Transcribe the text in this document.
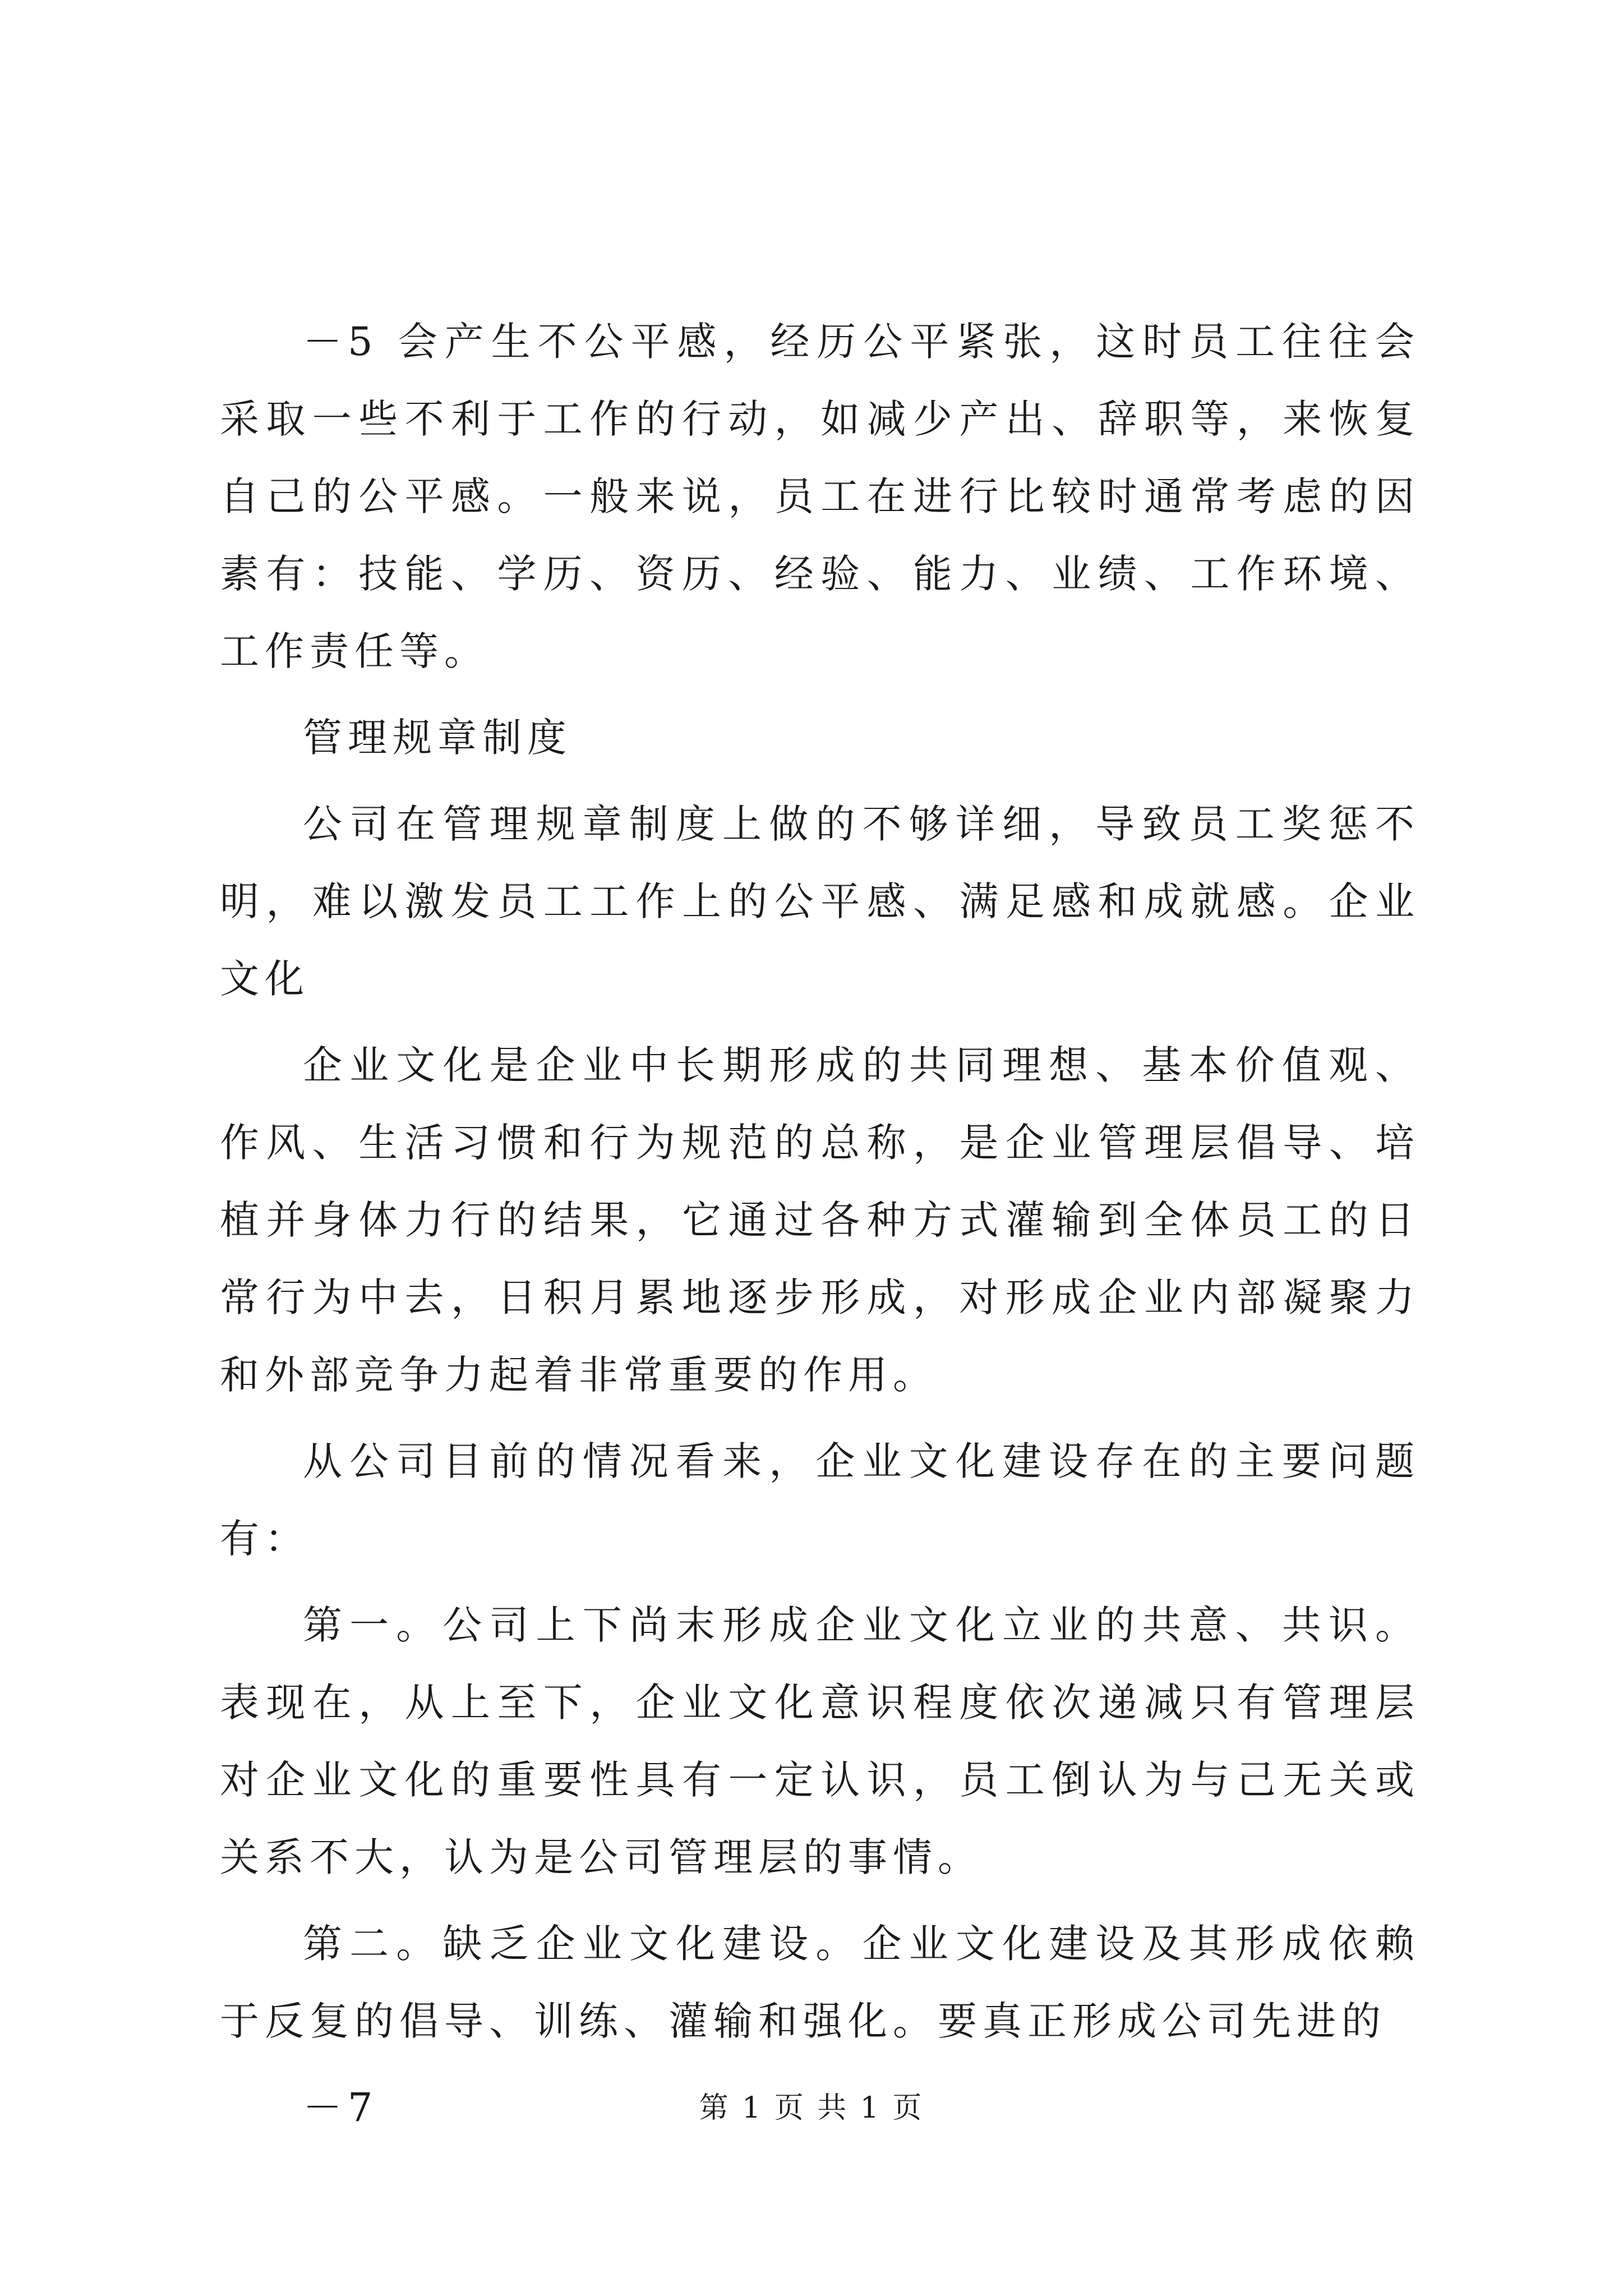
－5 会产生不公平感，经历公平紧张，这时员工往往会采取一些不利于工作的行动，如减少产出、辞职等，来恢复自己的公平感。一般来说，员工在进行比较时通常考虑的因素有：技能、学历、资历、经验、能力、业绩、工作环境、工作责任等。

管理规章制度

公司在管理规章制度上做的不够详细，导致员工奖惩不明，难以激发员工工作上的公平感、满足感和成就感。企业文化

企业文化是企业中长期形成的共同理想、基本价值观、作风、生活习惯和行为规范的总称，是企业管理层倡导、培植并身体力行的结果，它通过各种方式灌输到全体员工的日常行为中去，日积月累地逐步形成，对形成企业内部凝聚力和外部竞争力起着非常重要的作用。

从公司目前的情况看来，企业文化建设存在的主要问题有：

第一。公司上下尚末形成企业文化立业的共意、共识。表现在，从上至下，企业文化意识程度依次递减只有管理层对企业文化的重要性具有一定认识，员工倒认为与己无关或关系不大，认为是公司管理层的事情。

第二。缺乏企业文化建设。企业文化建设及其形成依赖于反复的倡导、训练、灌输和强化。要真正形成公司先进的

－7	第 1 页 共 1 页
